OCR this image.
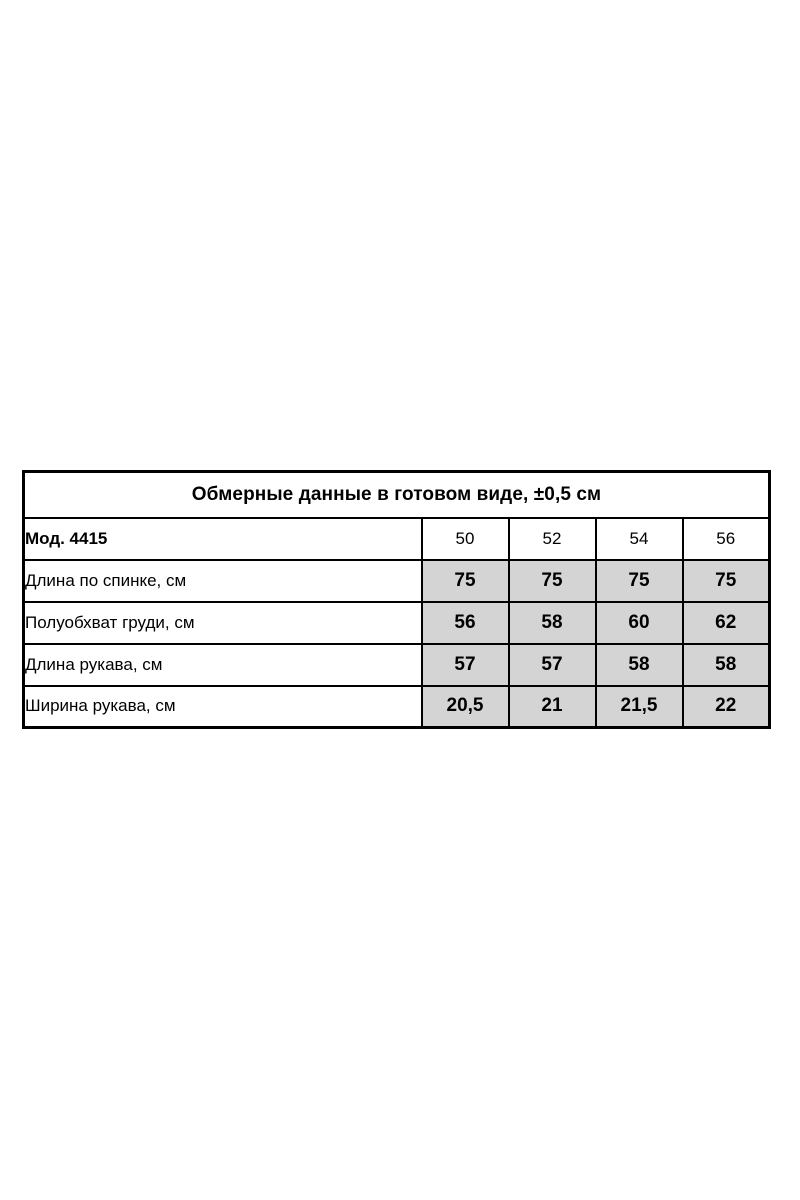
Обмерные данные в готовом виде, ±0,5 см				
Мод. 4415	50	52	54	56
Длина по спинке, см	75	75	75	75
Полуобхват груди, см	56	58	60	62
Длина рукава, см	57	57	58	58
Ширина рукава, см	20,5	21	21,5	22
